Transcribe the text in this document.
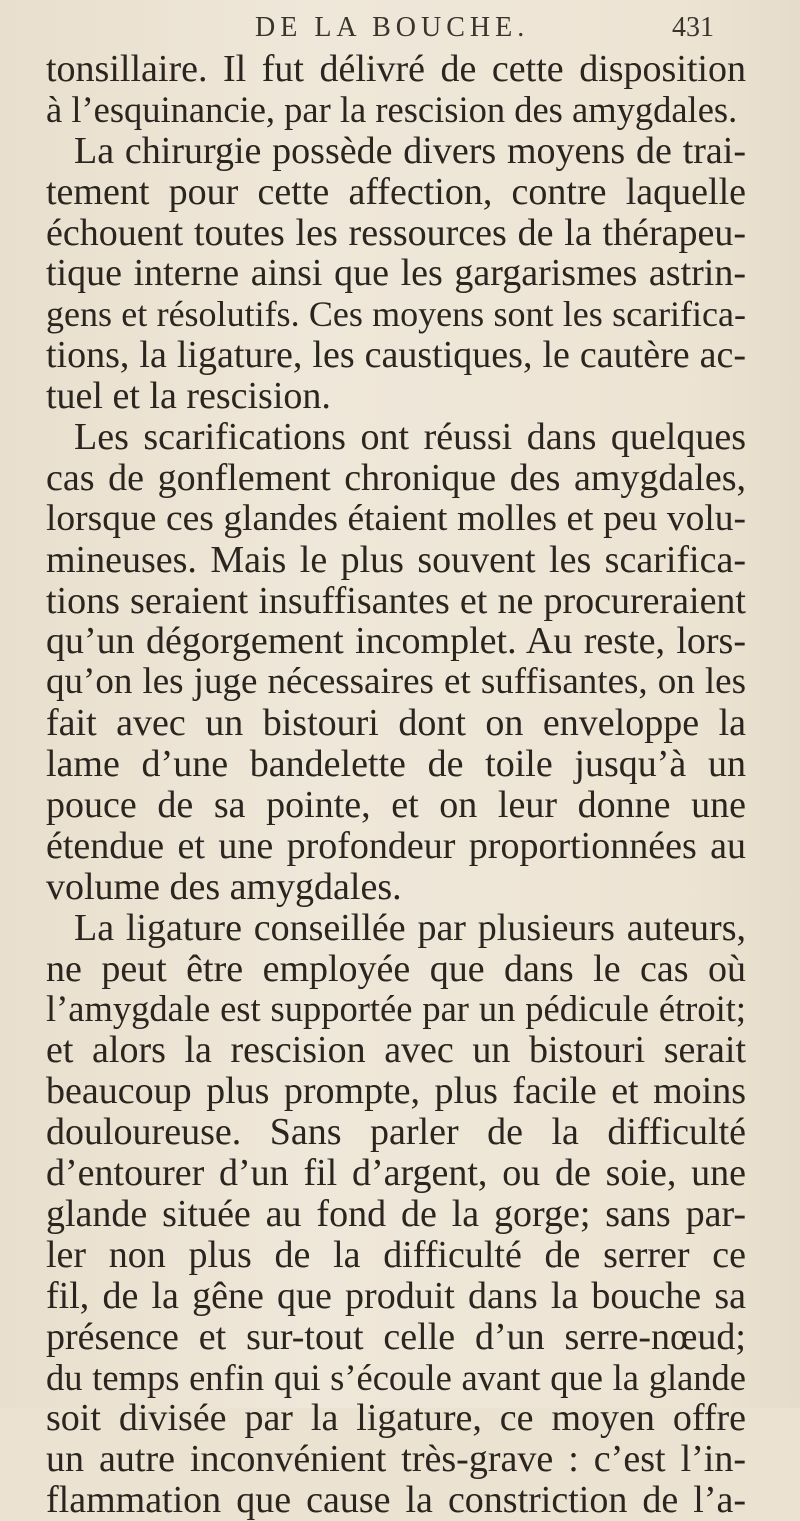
DE LA BOUCHE.	431
tonsillaire. Il fut délivré de cette disposition
à l’esquinancie, par la rescision des amygdales.
La chirurgie possède divers moyens de trai-
tement pour cette affection, contre laquelle
échouent toutes les ressources de la thérapeu-
tique interne ainsi que les gargarismes astrin-
gens et résolutifs. Ces moyens sont les scarifica-
tions, la ligature, les caustiques, le cautère ac-
tuel et la rescision.
Les scarifications ont réussi dans quelques
cas de gonflement chronique des amygdales,
lorsque ces glandes étaient molles et peu volu-
mineuses. Mais le plus souvent les scarifica-
tions seraient insuffisantes et ne procureraient
qu’un dégorgement incomplet. Au reste, lors-
qu’on les juge nécessaires et suffisantes, on les
fait avec un bistouri dont on enveloppe la
lame d’une bandelette de toile jusqu’à un
pouce de sa pointe, et on leur donne une
étendue et une profondeur proportionnées au
volume des amygdales.
La ligature conseillée par plusieurs auteurs,
ne peut être employée que dans le cas où
l’amygdale est supportée par un pédicule étroit;
et alors la rescision avec un bistouri serait
beaucoup plus prompte, plus facile et moins
douloureuse. Sans parler de la difficulté
d’entourer d’un fil d’argent, ou de soie, une
glande située au fond de la gorge; sans par-
ler non plus de la difficulté de serrer ce
fil, de la gêne que produit dans la bouche sa
présence et sur-tout celle d’un serre-nœud;
du temps enfin qui s’écoule avant que la glande
soit divisée par la ligature, ce moyen offre
un autre inconvénient très-grave : c’est l’in-
flammation que cause la constriction de l’a-
